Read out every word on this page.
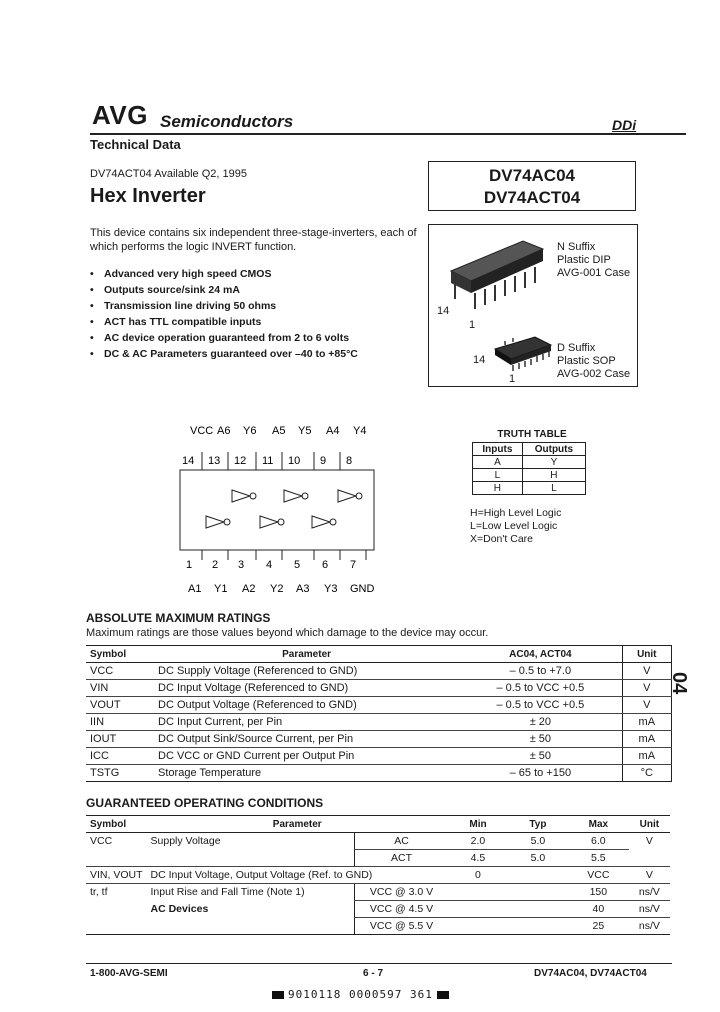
AVG Semiconductors	DDi
Technical Data
DV74ACT04 Available Q2, 1995
Hex Inverter
DV74AC04
DV74ACT04
This device contains six independent three-stage-inverters, each of which performs the logic INVERT function.
• Advanced very high speed CMOS
• Outputs source/sink 24 mA
• Transmission line driving 50 ohms
• ACT has TTL compatible inputs
• AC device operation guaranteed from 2 to 6 volts
• DC & AC Parameters guaranteed over –40 to +85°C
14
1
N Suffix
Plastic DIP
AVG-001 Case
14
1
D Suffix
Plastic SOP
AVG-002 Case
VCC A6 Y6 A5 Y5 A4 Y4
14 13 12 11 10 9 8
1 2 3 4 5 6 7
A1 Y1 A2 Y2 A3 Y3 GND
TRUTH TABLE
Inputs	Outputs
A	Y
L	H
H	L
H=High Level Logic
L=Low Level Logic
X=Don't Care
ABSOLUTE MAXIMUM RATINGS
Maximum ratings are those values beyond which damage to the device may occur.
Symbol	Parameter	AC04, ACT04	Unit
VCC	DC Supply Voltage (Referenced to GND)	– 0.5 to +7.0	V
VIN	DC Input Voltage (Referenced to GND)	– 0.5 to VCC +0.5	V
VOUT	DC Output Voltage (Referenced to GND)	– 0.5 to VCC +0.5	V
IIN	DC Input Current, per Pin	± 20	mA
IOUT	DC Output Sink/Source Current, per Pin	± 50	mA
ICC	DC VCC or GND Current per Output Pin	± 50	mA
TSTG	Storage Temperature	– 65 to +150	°C
04
GUARANTEED OPERATING CONDITIONS
Symbol	Parameter		Min	Typ	Max	Unit
VCC	Supply Voltage	AC	2.0	5.0	6.0	V
		ACT	4.5	5.0	5.5	
VIN, VOUT	DC Input Voltage, Output Voltage (Ref. to GND)		0		VCC	V
tr, tf	Input Rise and Fall Time (Note 1)	VCC @ 3.0 V			150	ns/V
	AC Devices	VCC @ 4.5 V			40	ns/V
		VCC @ 5.5 V			25	ns/V
1-800-AVG-SEMI	6 - 7	DV74AC04, DV74ACT04
9010118 0000597 361
